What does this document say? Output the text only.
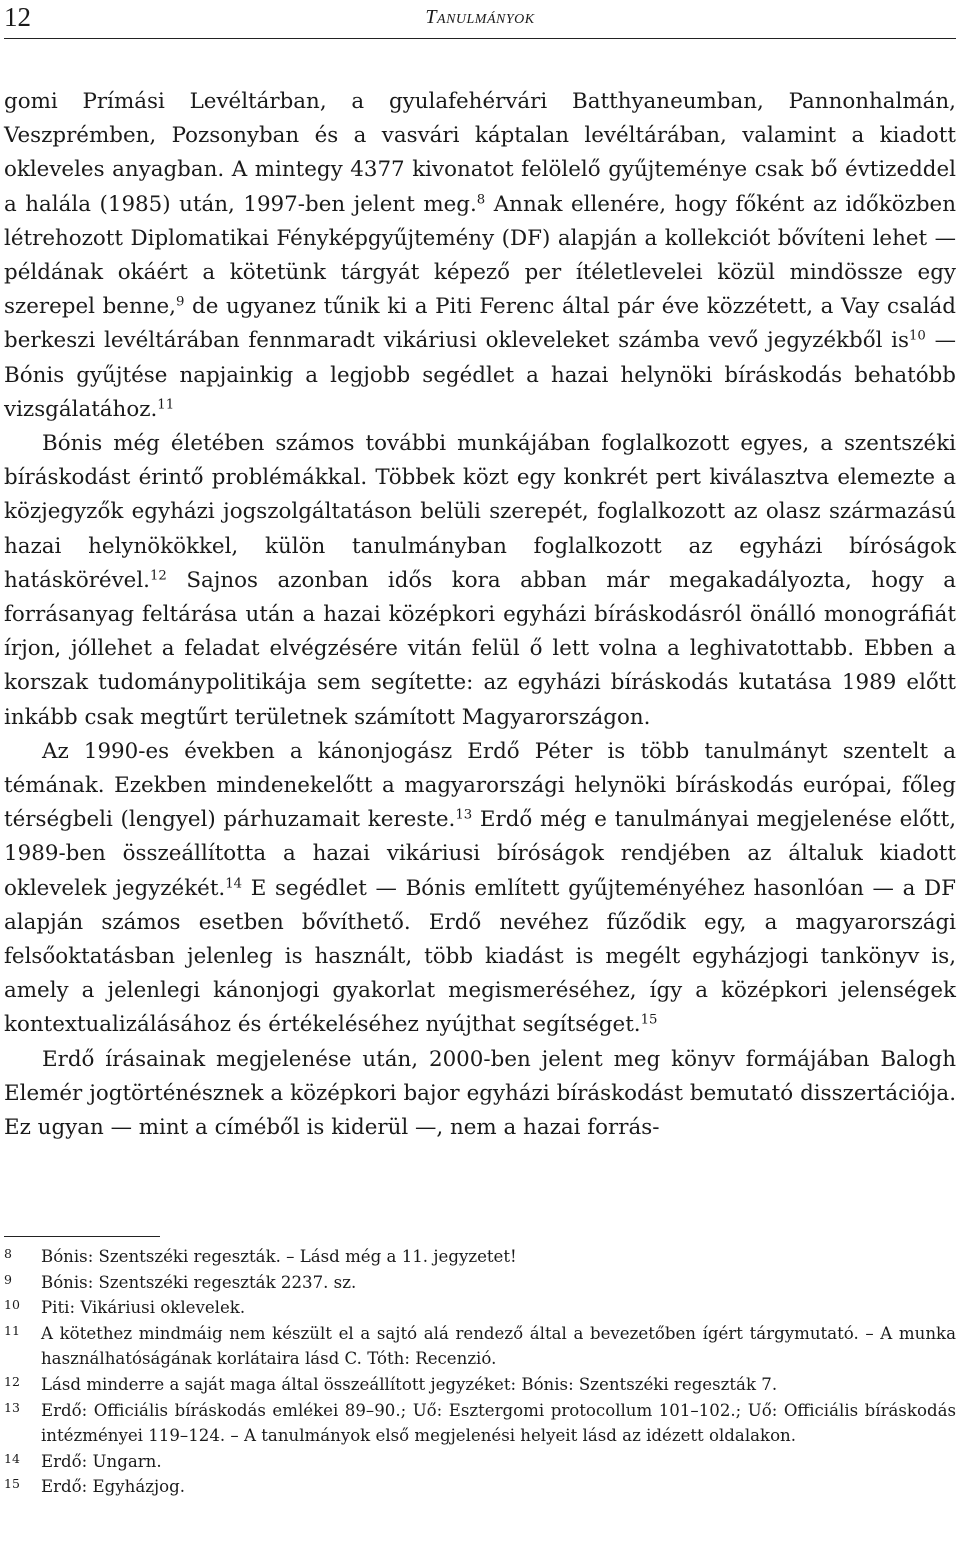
12	Tanulmányok

gomi Prímási Levéltárban, a gyulafehérvári Batthyaneumban, Pannonhalmán, Veszprémben, Pozsonyban és a vasvári káptalan levéltárában, valamint a kiadott okleveles anyagban. A mintegy 4377 kivonatot felölelő gyűjteménye csak bő évtizeddel a halála (1985) után, 1997-ben jelent meg.$^8$ Annak ellenére, hogy főként az időközben létrehozott Diplomatikai Fényképgyűjtemény (DF) alapján a kollekciót bővíteni lehet — példának okáért a kötetünk tárgyát képező per ítéletlevelei közül mindössze egy szerepel benne,$^9$ de ugyanez tűnik ki a Piti Ferenc által pár éve közzétett, a Vay család berkeszi levéltárában fennmaradt vikáriusi okleveleket számba vevő jegyzékből $is^{10}$ — Bónis gyűjtése napjainkig a legjobb segédlet a hazai helynöki bíráskodás behatóbb vizsgálatához.$^{11}$

Bónis még életében számos további munkájában foglalkozott egyes, a szentszéki bíráskodást érintő problémákkal. Többek közt egy konkrét pert kiválasztva elemezte a közjegyzők egyházi jogszolgáltatáson belüli szerepét, foglalkozott az olasz származású hazai helynökökkel, külön tanulmányban foglalkozott az egyházi bíróságok hatáskörével.$^{12}$ Sajnos azonban idős kora abban már megakadályozta, hogy a forrásanyag feltárása után a hazai középkori egyházi bíráskodásról önálló monográfiát írjon, jóllehet a feladat elvégzésére vitán felül ő lett volna a leghivatottabb. Ebben a korszak tudománypolitikája sem segítette: az egyházi bíráskodás kutatása 1989 előtt inkább csak megtűrt területnek számított Magyarországon.

Az 1990-es években a kánonjogász Erdő Péter is több tanulmányt szentelt a témának. Ezekben mindenekelőtt a magyarországi helynöki bíráskodás európai, főleg térségbeli (lengyel) párhuzamait kereste.$^{13}$ Erdő még e tanulmányai megjelenése előtt, 1989-ben összeállította a hazai vikáriusi bíróságok rendjében az általuk kiadott oklevelek jegyzékét.$^{14}$ E segédlet — Bónis említett gyűjteményéhez hasonlóan — a DF alapján számos esetben bővíthető. Erdő nevéhez fűződik egy, a magyarországi felsőoktatásban jelenleg is használt, több kiadást is megélt egyházjogi tankönyv is, amely a jelenlegi kánonjogi gyakorlat megismeréséhez, így a középkori jelenségek kontextualizálásához és értékeléséhez nyújthat segítséget.$^{15}$

Erdő írásainak megjelenése után, 2000-ben jelent meg könyv formájában Balogh Elemér jogtörténésznek a középkori bajor egyházi bíráskodást bemutató disszertációja. Ez ugyan — mint a címéből is kiderül —, nem a hazai forrás-

8 Bónis: Szentszéki regeszták. – Lásd még a 11. jegyzetet!
9 Bónis: Szentszéki regeszták 2237. sz.
10 Piti: Vikáriusi oklevelek.
11 A kötethez mindmáig nem készült el a sajtó alá rendező által a bevezetőben ígért tárgymutató. – A munka használhatóságának korlátaira lásd C. Tóth: Recenzió.
12 Lásd minderre a saját maga által összeállított jegyzéket: Bónis: Szentszéki regeszták 7.
13 Erdő: Officiális bíráskodás emlékei 89–90.; Uő: Esztergomi protocollum 101–102.; Uő: Officiális bíráskodás intézményei 119–124. – A tanulmányok első megjelenési helyeit lásd az idézett oldalakon.
14 Erdő: Ungarn.
15 Erdő: Egyházjog.
